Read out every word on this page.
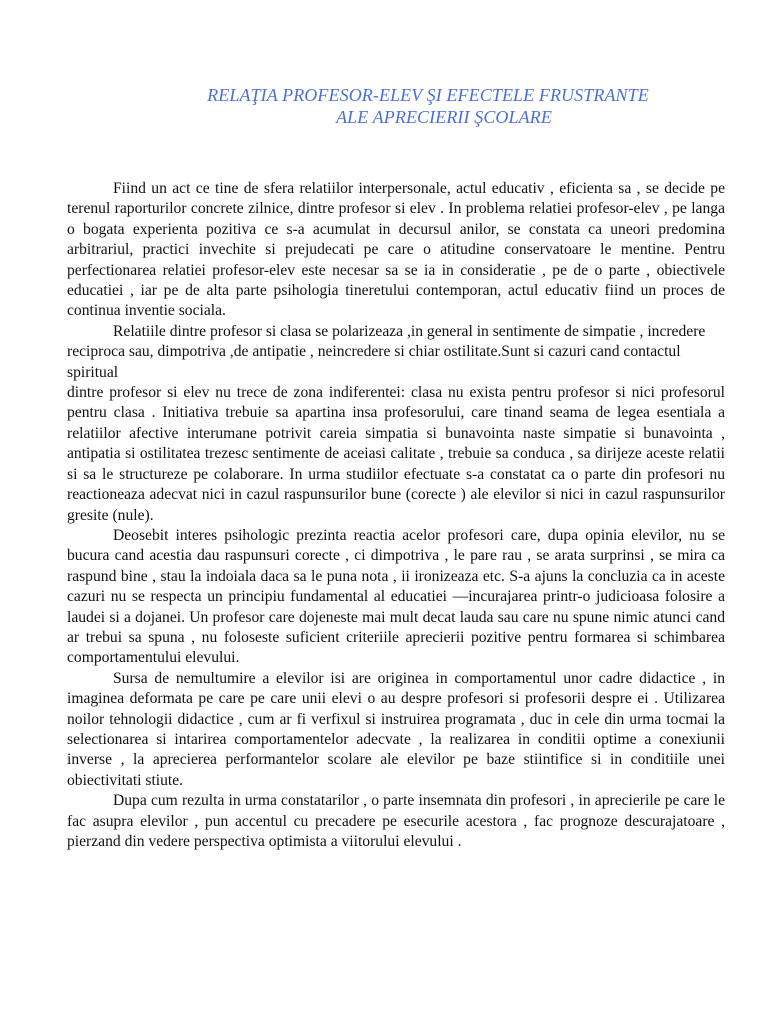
RELAŢIA PROFESOR-ELEV ŞI EFECTELE FRUSTRANTE
ALE APRECIERII ŞCOLARE

Fiind un act ce tine de sfera relatiilor interpersonale, actul educativ , eficienta sa , se decide pe terenul raporturilor concrete zilnice, dintre profesor si elev . In problema relatiei profesor-elev , pe langa o bogata experienta pozitiva ce s-a acumulat in decursul anilor, se constata ca uneori predomina arbitrariul, practici invechite si prejudecati pe care o atitudine conservatoare le mentine. Pentru perfectionarea relatiei profesor-elev este necesar sa se ia in consideratie , pe de o parte , obiectivele educatiei , iar pe de alta parte psihologia tineretului contemporan, actul educativ fiind un proces de continua inventie sociala.

Relatiile dintre profesor si clasa se polarizeaza ,in general in sentimente de simpatie , incredere reciproca sau, dimpotriva ,de antipatie , neincredere si chiar ostilitate.Sunt si cazuri cand contactul spiritual

dintre profesor si elev nu trece de zona indiferentei: clasa nu exista pentru profesor si nici profesorul pentru clasa . Initiativa trebuie sa apartina insa profesorului, care tinand seama de legea esentiala a relatiilor afective interumane potrivit careia simpatia si bunavointa naste simpatie si bunavointa , antipatia si ostilitatea trezesc sentimente de aceiasi calitate , trebuie sa conduca , sa dirijeze aceste relatii si sa le structureze pe colaborare. In urma studiilor efectuate s-a constatat ca o parte din profesori nu reactioneaza adecvat nici in cazul raspunsurilor bune (corecte ) ale elevilor si nici in cazul raspunsurilor gresite (nule).

Deosebit interes psihologic prezinta reactia acelor profesori care, dupa opinia elevilor, nu se bucura cand acestia dau raspunsuri corecte , ci dimpotriva , le pare rau , se arata surprinsi , se mira ca raspund bine , stau la indoiala daca sa le puna nota , ii ironizeaza etc. S-a ajuns la concluzia ca in aceste cazuri nu se respecta un principiu fundamental al educatiei —incurajarea printr-o judicioasa folosire a laudei si a dojanei. Un profesor care dojeneste mai mult decat lauda sau care nu spune nimic atunci cand ar trebui sa spuna , nu foloseste suficient criteriile aprecierii pozitive pentru formarea si schimbarea comportamentului elevului.

Sursa de nemultumire a elevilor isi are originea in comportamentul unor cadre didactice , in imaginea deformata pe care pe care unii elevi o au despre profesori si profesorii despre ei . Utilizarea noilor tehnologii didactice , cum ar fi verfixul si instruirea programata , duc in cele din urma tocmai la selectionarea si intarirea comportamentelor adecvate , la realizarea in conditii optime a conexiunii inverse , la aprecierea performantelor scolare ale elevilor pe baze stiintifice si in conditiile unei obiectivitati stiute.

Dupa cum rezulta in urma constatarilor , o parte insemnata din profesori , in aprecierile pe care le fac asupra elevilor , pun accentul cu precadere pe esecurile acestora , fac prognoze descurajatoare , pierzand din vedere perspectiva optimista a viitorului elevului .
